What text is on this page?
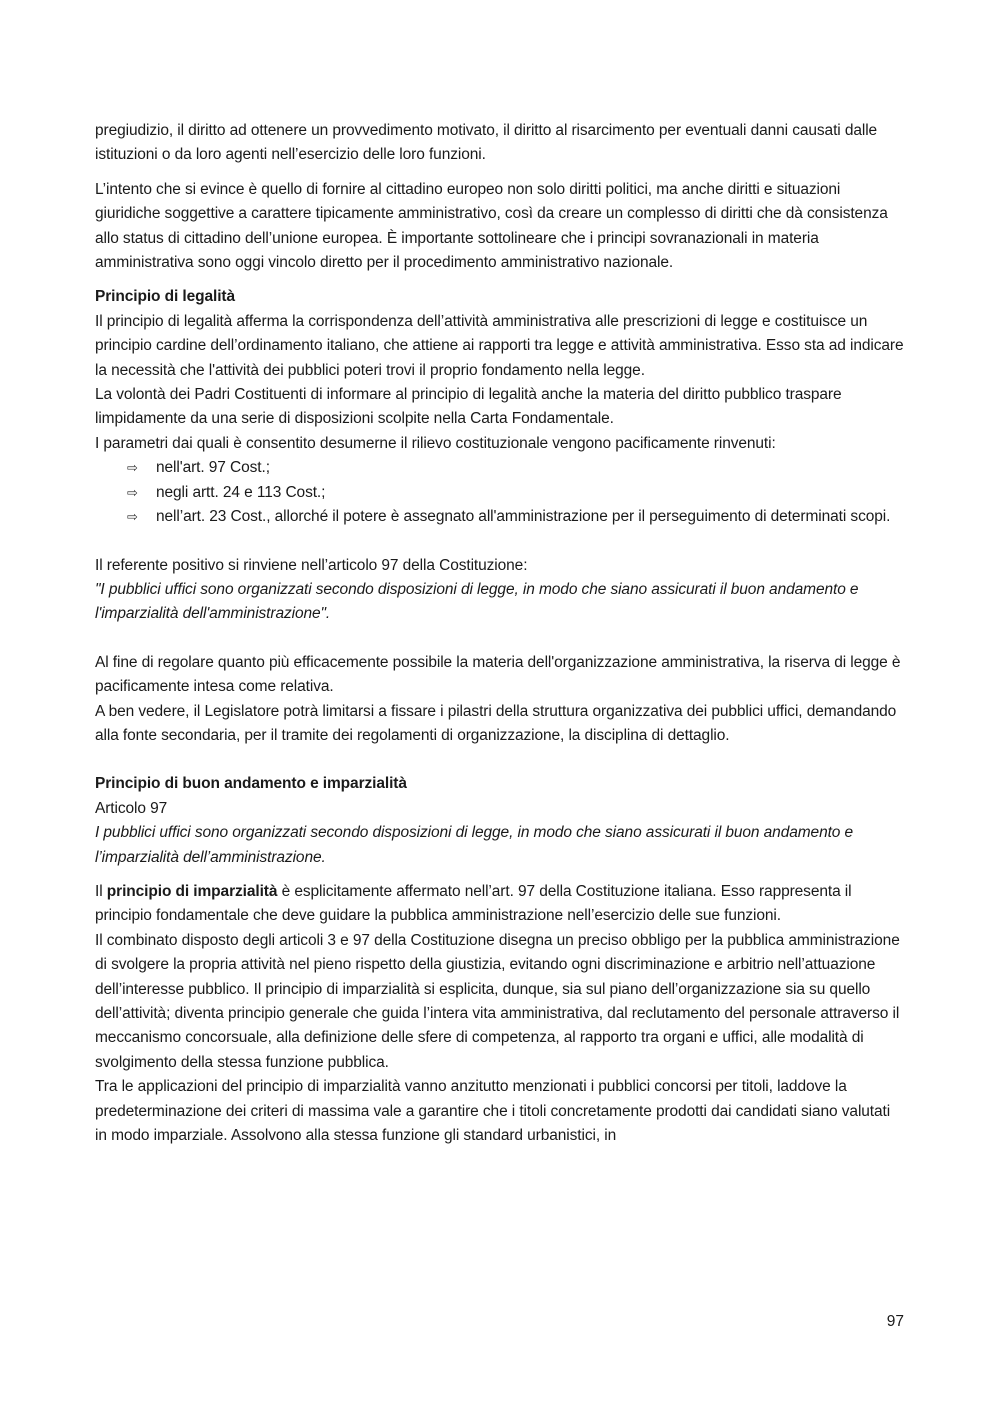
pregiudizio, il diritto ad ottenere un provvedimento motivato, il diritto al risarcimento per eventuali danni causati dalle istituzioni o da loro agenti nell’esercizio delle loro funzioni.

L’intento che si evince è quello di fornire al cittadino europeo non solo diritti politici, ma anche diritti e situazioni giuridiche soggettive a carattere tipicamente amministrativo, così da creare un complesso di diritti che dà consistenza allo status di cittadino dell’unione europea. È importante sottolineare che i principi sovranazionali in materia amministrativa sono oggi vincolo diretto per il procedimento amministrativo nazionale.

Principio di legalità

Il principio di legalità afferma la corrispondenza dell’attività amministrativa alle prescrizioni di legge e costituisce un principio cardine dell’ordinamento italiano, che attiene ai rapporti tra legge e attività amministrativa. Esso sta ad indicare la necessità che l'attività dei pubblici poteri trovi il proprio fondamento nella legge.

La volontà dei Padri Costituenti di informare al principio di legalità anche la materia del diritto pubblico traspare limpidamente da una serie di disposizioni scolpite nella Carta Fondamentale.

I parametri dai quali è consentito desumerne il rilievo costituzionale vengono pacificamente rinvenuti:

⇨ nell'art. 97 Cost.;
⇨ negli artt. 24 e 113 Cost.;
⇨ nell’art. 23 Cost., allorché il potere è assegnato all'amministrazione per il perseguimento di determinati scopi.

Il referente positivo si rinviene nell’articolo 97 della Costituzione:

"I pubblici uffici sono organizzati secondo disposizioni di legge, in modo che siano assicurati il buon andamento e l'imparzialità dell'amministrazione".

Al fine di regolare quanto più efficacemente possibile la materia dell'organizzazione amministrativa, la riserva di legge è pacificamente intesa come relativa.

A ben vedere, il Legislatore potrà limitarsi a fissare i pilastri della struttura organizzativa dei pubblici uffici, demandando alla fonte secondaria, per il tramite dei regolamenti di organizzazione, la disciplina di dettaglio.

Principio di buon andamento e imparzialità

Articolo 97

I pubblici uffici sono organizzati secondo disposizioni di legge, in modo che siano assicurati il buon andamento e l’imparzialità dell’amministrazione.

Il principio di imparzialità è esplicitamente affermato nell’art. 97 della Costituzione italiana. Esso rappresenta il principio fondamentale che deve guidare la pubblica amministrazione nell’esercizio delle sue funzioni.

Il combinato disposto degli articoli 3 e 97 della Costituzione disegna un preciso obbligo per la pubblica amministrazione di svolgere la propria attività nel pieno rispetto della giustizia, evitando ogni discriminazione e arbitrio nell’attuazione dell’interesse pubblico. Il principio di imparzialità si esplicita, dunque, sia sul piano dell’organizzazione sia su quello dell’attività; diventa principio generale che guida l’intera vita amministrativa, dal reclutamento del personale attraverso il meccanismo concorsuale, alla definizione delle sfere di competenza, al rapporto tra organi e uffici, alle modalità di svolgimento della stessa funzione pubblica.

Tra le applicazioni del principio di imparzialità vanno anzitutto menzionati i pubblici concorsi per titoli, laddove la predeterminazione dei criteri di massima vale a garantire che i titoli concretamente prodotti dai candidati siano valutati in modo imparziale. Assolvono alla stessa funzione gli standard urbanistici, in

97
